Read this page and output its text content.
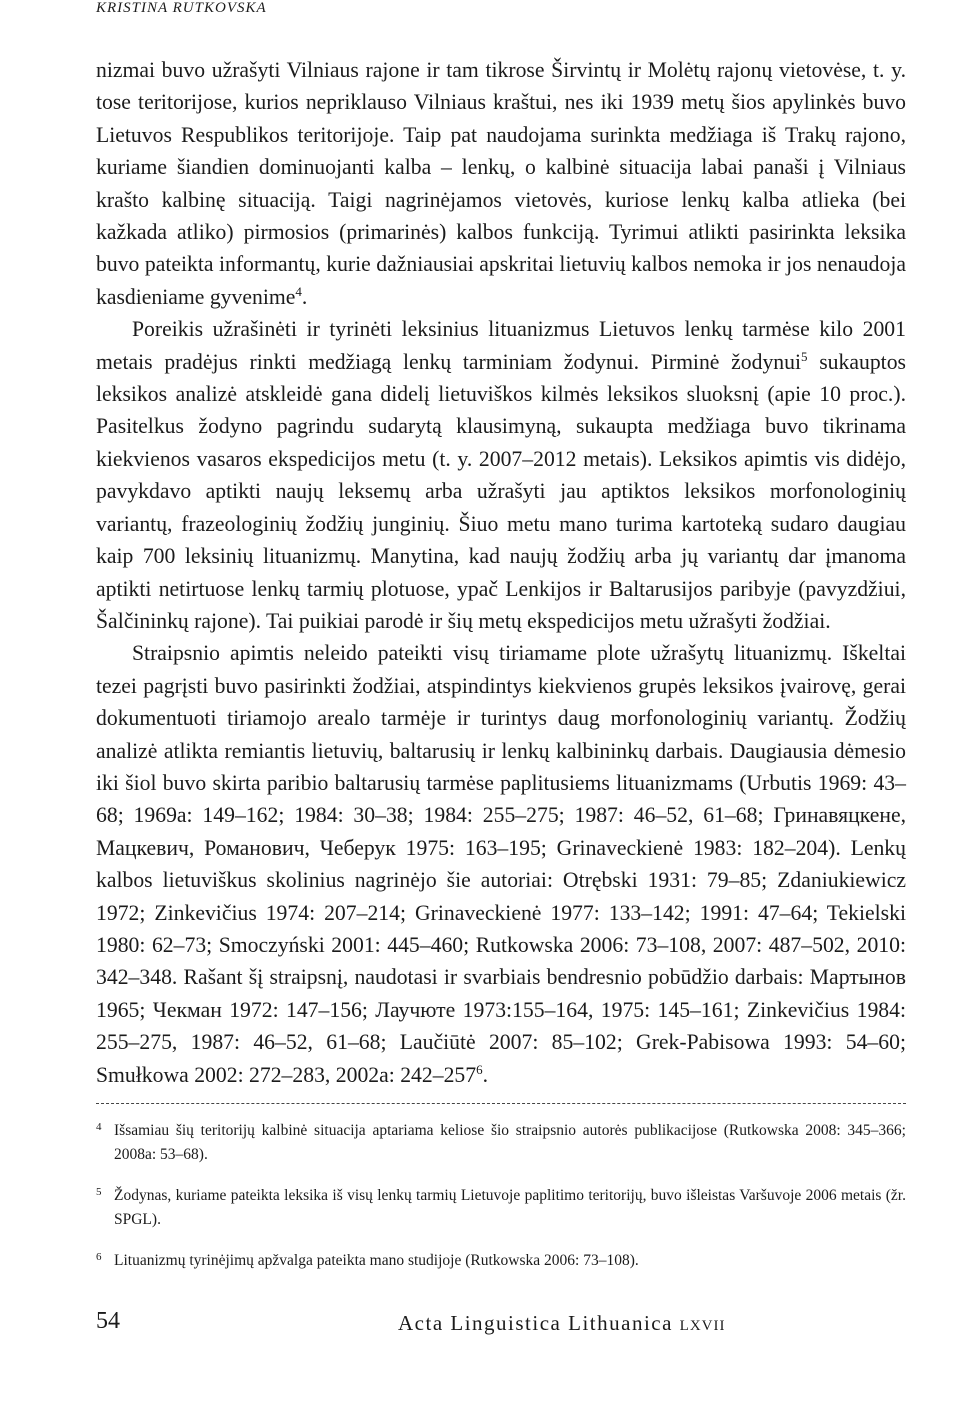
KRISTINA RUTKOVSKA

nizmai buvo užrašyti Vilniaus rajone ir tam tikrose Širvintų ir Molėtų rajonų vietovėse, t. y. tose teritorijose, kurios nepriklauso Vilniaus kraštui, nes iki 1939 metų šios apylinkės buvo Lietuvos Respublikos teritorijoje. Taip pat naudojama surinkta medžiaga iš Trakų rajono, kuriame šiandien dominuojanti kalba – lenkų, o kalbinė situacija labai panaši į Vilniaus krašto kalbinę situaciją. Taigi nagrinėjamos vietovės, kuriose lenkų kalba atlieka (bei kažkada atliko) pirmosios (primarinės) kalbos funkciją. Tyrimui atlikti pasirinkta leksika buvo pateikta informantų, kurie dažniausiai apskritai lietuvių kalbos nemoka ir jos nenaudoja kasdieniame gyvenime$^4$.

Poreikis užrašinėti ir tyrinėti leksinius lituanizmus Lietuvos lenkų tarmėse kilo 2001 metais pradėjus rinkti medžiagą lenkų tarminiam žodynui. Pirminė žodynui$^5$ sukauptos leksikos analizė atskleidė gana didelį lietuviškos kilmės leksikos sluoksnį (apie 10 proc.). Pasitelkus žodyno pagrindu sudarytą klausimyną, sukaupta medžiaga buvo tikrinama kiekvienos vasaros ekspedicijos metu (t. y. 2007–2012 metais). Leksikos apimtis vis didėjo, pavykdavo aptikti naujų leksemų arba užrašyti jau aptiktos leksikos morfonologinių variantų, frazeologinių žodžių junginių. Šiuo metu mano turima kartoteką sudaro daugiau kaip 700 leksinių lituanizmų. Manytina, kad naujų žodžių arba jų variantų dar įmanoma aptikti netirtuose lenkų tarmių plotuose, ypač Lenkijos ir Baltarusijos paribyje (pavyzdžiui, Šalčininkų rajone). Tai puikiai parodė ir šių metų ekspedicijos metu užrašyti žodžiai.

Straipsnio apimtis neleido pateikti visų tiriamame plote užrašytų lituanizmų. Iškeltai tezei pagrįsti buvo pasirinkti žodžiai, atspindintys kiekvienos grupės leksikos įvairovę, gerai dokumentuoti tiriamojo arealo tarmėje ir turintys daug morfonologinių variantų. Žodžių analizė atlikta remiantis lietuvių, baltarusių ir lenkų kalbininkų darbais. Daugiausia dėmesio iki šiol buvo skirta paribio baltarusių tarmėse paplitusiems lituanizmams (Urbutis 1969: 43–68; 1969a: 149–162; 1984: 30–38; 1984: 255–275; 1987: 46–52, 61–68; Гринавяцкене, Мацкевич, Романович, Чеберук 1975: 163–195; Grinaveckienė 1983: 182–204). Lenkų kalbos lietuviškus skolinius nagrinėjo šie autoriai: Otrębski 1931: 79–85; Zdaniukiewicz 1972; Zinkevičius 1974: 207–214; Grinaveckienė 1977: 133–142; 1991: 47–64; Tekielski 1980: 62–73; Smoczyński 2001: 445–460; Rutkowska 2006: 73–108, 2007: 487–502, 2010: 342–348. Rašant šį straipsnį, naudotasi ir svarbiais bendresnio pobūdžio darbais: Мартынов 1965; Чекман 1972: 147–156; Лаучюте 1973:155–164, 1975: 145–161; Zinkevičius 1984: 255–275, 1987: 46–52, 61–68; Laučiūtė 2007: 85–102; Grek-Pabisowa 1993: 54–60; Smułkowa 2002: 272–283, 2002a: $242-257^6$.

4 Išsamiau šių teritorijų kalbinė situacija aptariama keliose šio straipsnio autorės publikacijose (Rutkowska 2008: 345–366; 2008a: 53–68).

5 Žodynas, kuriame pateikta leksika iš visų lenkų tarmių Lietuvoje paplitimo teritorijų, buvo išleistas Varšuvoje 2006 metais (žr. SPGL).

6 Lituanizmų tyrinėjimų apžvalga pateikta mano studijoje (Rutkowska 2006: 73–108).

54	Acta Linguistica Lithuanica LXVII
